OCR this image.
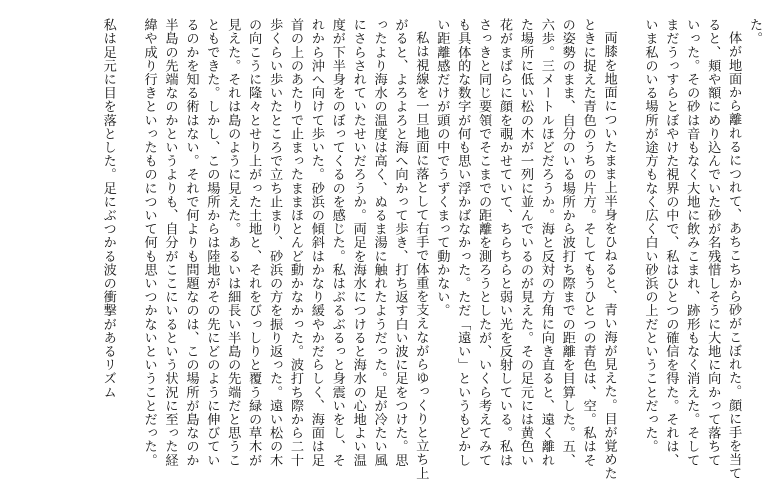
た。

体が地面から離れるにつれて、あちこちから砂がこぼれた。顔に手を当てると、頬や額にめり込んでいた砂が名残惜しそうに大地に向かって落ちていった。その砂は音もなく大地に飲みこまれ、跡形もなく消えた。そしてまだうっすらとぼやけた視界の中で、私はひとつの確信を得た。それは、いま私のいる場所が途方もなく広く白い砂浜の上だということだった。

両膝を地面についたまま上半身をひねると、青い海が見えた。目が覚めたときに捉えた青色のうちの片方。そしてもうひとつの青色は、空。私はその姿勢のまま、自分のいる場所から波打ち際までの距離を目算した。五、六歩。三メートルほどだろうか。海と反対の方角に向き直ると、遠く離れた場所に低い松の木が一列に並んでいるのが見えた。その足元には黄色い花がまばらに顔を覗かせていて、ちらちらと弱い光を反射している。私はさっきと同じ要領でそこまでの距離を測ろうとしたが、いくら考えてみても具体的な数字が何も思い浮かばなかった。ただ「遠い」というもどかしい距離感だけが頭の中でうずくまって動かない。

私は視線を一旦地面に落として右手で体重を支えながらゆっくりと立ち上がると、よろよろと海へ向かって歩き、打ち返す白い波に足をつけた。思ったより海水の温度は高く、ぬるま湯に触れたようだった。足が冷たい風にさらされていたせいだろうか。両足を海水につけると海水の心地よい温度が下半身をのぼってくるのを感じた。私はぶるぶるっと身震いをし、それから沖へ向けて歩いた。砂浜の傾斜はかなり緩やかだらしく、海面は足首の上のあたりで止まったままほとんど動かなかった。波打ち際から二十歩くらい歩いたところで立ち止まり、砂浜の方を振り返った。遠い松の木の向こうに隆々とせり上がった土地と、それをびっしりと覆う緑の草木が見えた。それは島のように見えた。あるいは細長い半島の先端だと思うこともできた。しかし、この場所からは陸地がその先にどのように伸びているのかを知る術はない。それで何よりも問題なのは、この場所が島なのか半島の先端なのかというよりも、自分がここにいるという状況に至った経緯や成り行きといったものについて何も思いつかないということだった。

私は足元に目を落とした。足にぶつかる波の衝撃があるリズム
